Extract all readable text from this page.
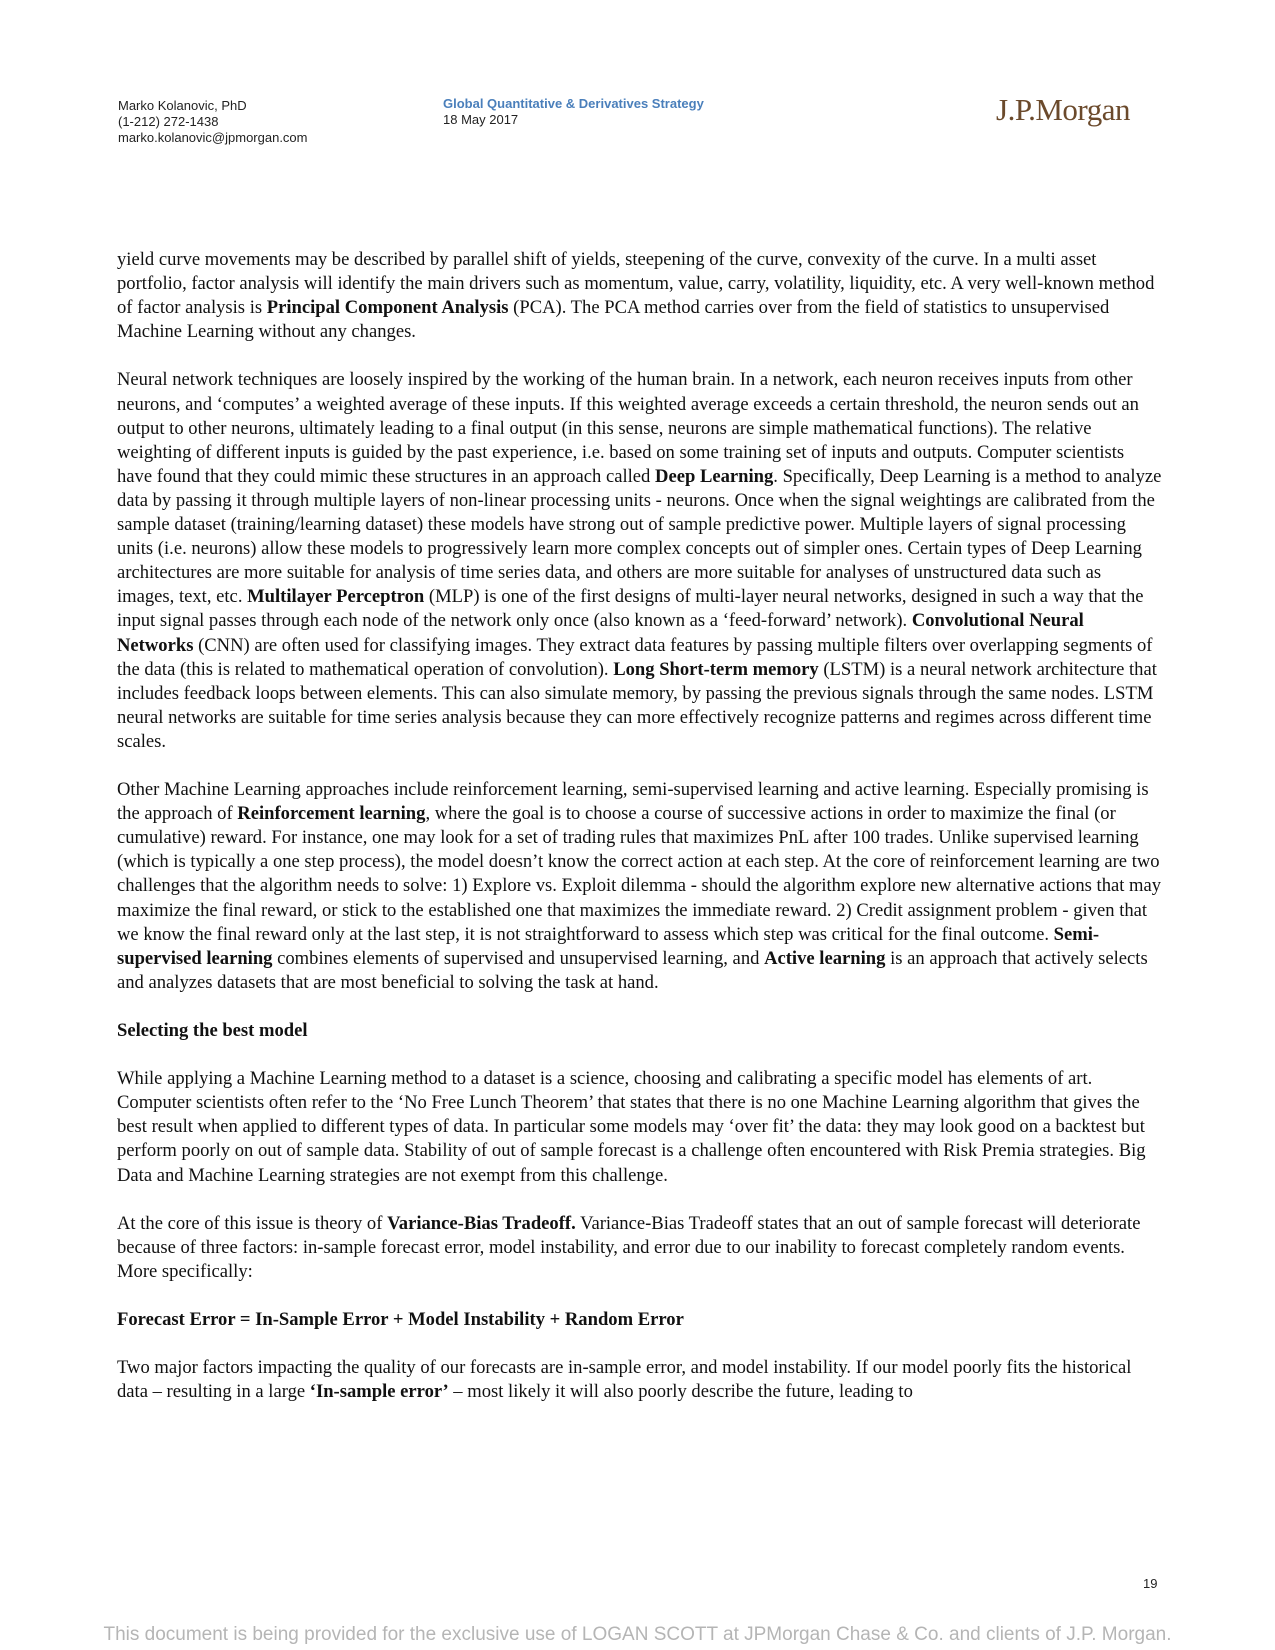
Marko Kolanovic, PhD
(1-212) 272-1438
marko.kolanovic@jpmorgan.com
Global Quantitative & Derivatives Strategy
18 May 2017	J.P.Morgan

yield curve movements may be described by parallel shift of yields, steepening of the curve, convexity of the curve. In a multi asset portfolio, factor analysis will identify the main drivers such as momentum, value, carry, volatility, liquidity, etc. A very well-known method of factor analysis is Principal Component Analysis (PCA). The PCA method carries over from the field of statistics to unsupervised Machine Learning without any changes.

Neural network techniques are loosely inspired by the working of the human brain. In a network, each neuron receives inputs from other neurons, and ‘computes’ a weighted average of these inputs. If this weighted average exceeds a certain threshold, the neuron sends out an output to other neurons, ultimately leading to a final output (in this sense, neurons are simple mathematical functions). The relative weighting of different inputs is guided by the past experience, i.e. based on some training set of inputs and outputs. Computer scientists have found that they could mimic these structures in an approach called Deep Learning. Specifically, Deep Learning is a method to analyze data by passing it through multiple layers of non-linear processing units - neurons. Once when the signal weightings are calibrated from the sample dataset (training/learning dataset) these models have strong out of sample predictive power. Multiple layers of signal processing units (i.e. neurons) allow these models to progressively learn more complex concepts out of simpler ones. Certain types of Deep Learning architectures are more suitable for analysis of time series data, and others are more suitable for analyses of unstructured data such as images, text, etc. Multilayer Perceptron (MLP) is one of the first designs of multi-layer neural networks, designed in such a way that the input signal passes through each node of the network only once (also known as a ‘feed-forward’ network). Convolutional Neural Networks (CNN) are often used for classifying images. They extract data features by passing multiple filters over overlapping segments of the data (this is related to mathematical operation of convolution). Long Short-term memory (LSTM) is a neural network architecture that includes feedback loops between elements. This can also simulate memory, by passing the previous signals through the same nodes. LSTM neural networks are suitable for time series analysis because they can more effectively recognize patterns and regimes across different time scales.

Other Machine Learning approaches include reinforcement learning, semi-supervised learning and active learning. Especially promising is the approach of Reinforcement learning, where the goal is to choose a course of successive actions in order to maximize the final (or cumulative) reward. For instance, one may look for a set of trading rules that maximizes PnL after 100 trades. Unlike supervised learning (which is typically a one step process), the model doesn’t know the correct action at each step. At the core of reinforcement learning are two challenges that the algorithm needs to solve: 1) Explore vs. Exploit dilemma - should the algorithm explore new alternative actions that may maximize the final reward, or stick to the established one that maximizes the immediate reward. 2) Credit assignment problem - given that we know the final reward only at the last step, it is not straightforward to assess which step was critical for the final outcome. Semi-supervised learning combines elements of supervised and unsupervised learning, and Active learning is an approach that actively selects and analyzes datasets that are most beneficial to solving the task at hand.

Selecting the best model

While applying a Machine Learning method to a dataset is a science, choosing and calibrating a specific model has elements of art. Computer scientists often refer to the ‘No Free Lunch Theorem’ that states that there is no one Machine Learning algorithm that gives the best result when applied to different types of data. In particular some models may ‘over fit’ the data: they may look good on a backtest but perform poorly on out of sample data. Stability of out of sample forecast is a challenge often encountered with Risk Premia strategies. Big Data and Machine Learning strategies are not exempt from this challenge.

At the core of this issue is theory of Variance-Bias Tradeoff. Variance-Bias Tradeoff states that an out of sample forecast will deteriorate because of three factors: in-sample forecast error, model instability, and error due to our inability to forecast completely random events. More specifically:

Forecast Error = In-Sample Error + Model Instability + Random Error

Two major factors impacting the quality of our forecasts are in-sample error, and model instability. If our model poorly fits the historical data – resulting in a large ‘In-sample error’ – most likely it will also poorly describe the future, leading to

19
This document is being provided for the exclusive use of LOGAN SCOTT at JPMorgan Chase & Co. and clients of J.P. Morgan.
